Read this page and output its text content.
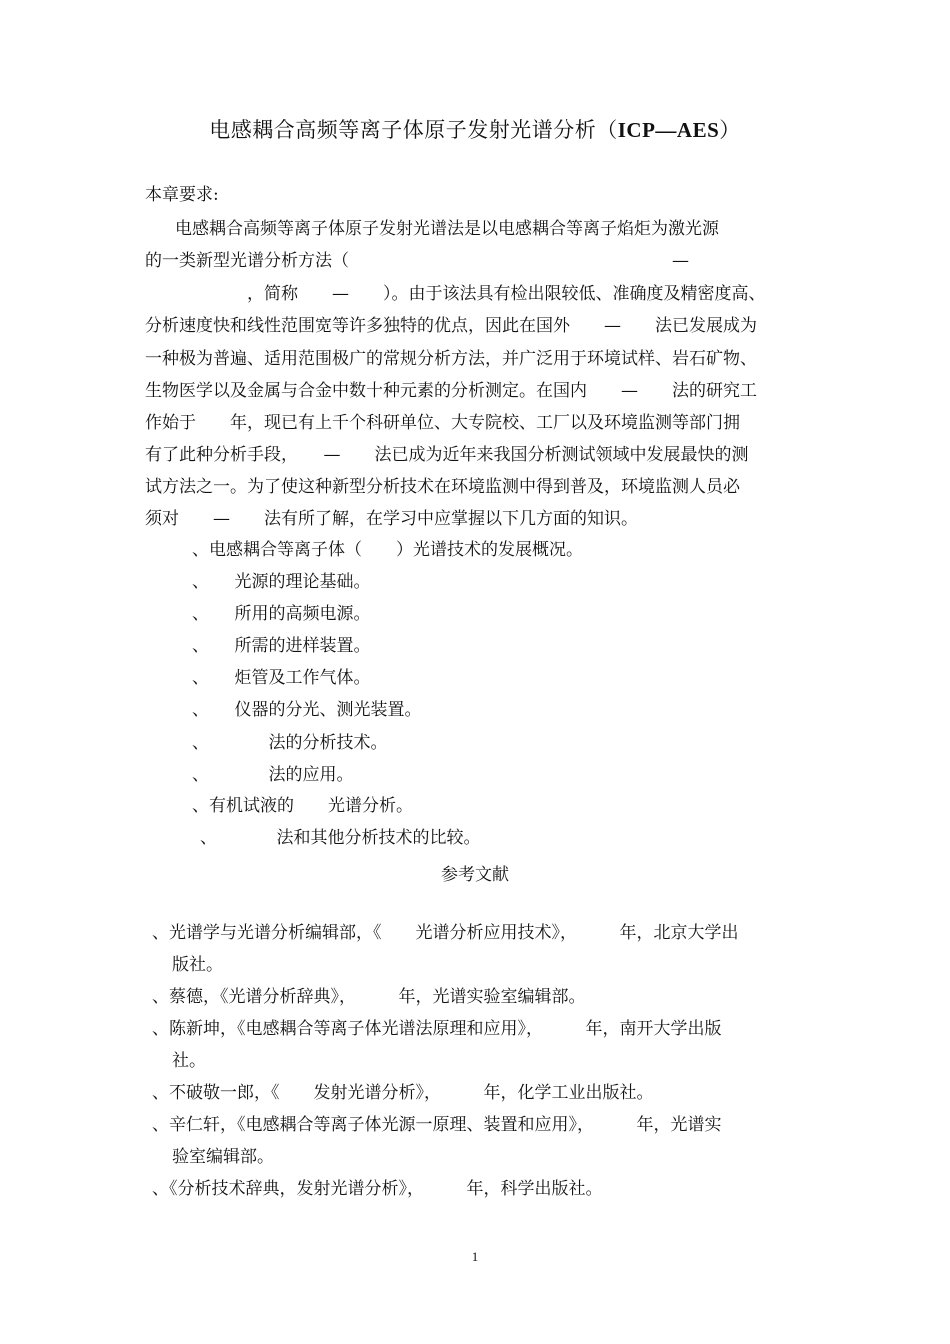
电感耦合高频等离子体原子发射光谱分析（ICP—AES）
本章要求:
电感耦合高频等离子体原子发射光谱法是以电感耦合等离子焰炬为激光源
的一类新型光谱分析方法（　　　　　　　　　　　　　　　　　　　—
　　　　　　，简称　　—　　）。由于该法具有检出限较低、准确度及精密度高、
分析速度快和线性范围宽等许多独特的优点，因此在国外　　—　　法已发展成为
一种极为普遍、适用范围极广的常规分析方法，并广泛用于环境试样、岩石矿物、
生物医学以及金属与合金中数十种元素的分析测定。在国内　　—　　法的研究工
作始于　　年，现已有上千个科研单位、大专院校、工厂以及环境监测等部门拥
有了此种分析手段，　　—　　法已成为近年来我国分析测试领域中发展最快的测
试方法之一。为了使这种新型分析技术在环境监测中得到普及，环境监测人员必
须对　　—　　法有所了解，在学习中应掌握以下几方面的知识。
、电感耦合等离子体（　　）光谱技术的发展概况。
、　　光源的理论基础。
、　　所用的高频电源。
、　　所需的进样装置。
、　　炬管及工作气体。
、　　仪器的分光、测光装置。
、　　　　法的分析技术。
、　　　　法的应用。
、有机试液的　　光谱分析。
、　　　　法和其他分析技术的比较。
参考文献
、光谱学与光谱分析编辑部，《　　光谱分析应用技术》，　　　年，北京大学出
版社。
、蔡德，《光谱分析辞典》，　　　年，光谱实验室编辑部。
、陈新坤，《电感耦合等离子体光谱法原理和应用》，　　　年，南开大学出版
社。
、不破敬一郎，《　　发射光谱分析》，　　　年，化学工业出版社。
、辛仁轩，《电感耦合等离子体光源一原理、装置和应用》，　　　年，光谱实
验室编辑部。
、《分析技术辞典，发射光谱分析》，　　　年，科学出版社。
1
